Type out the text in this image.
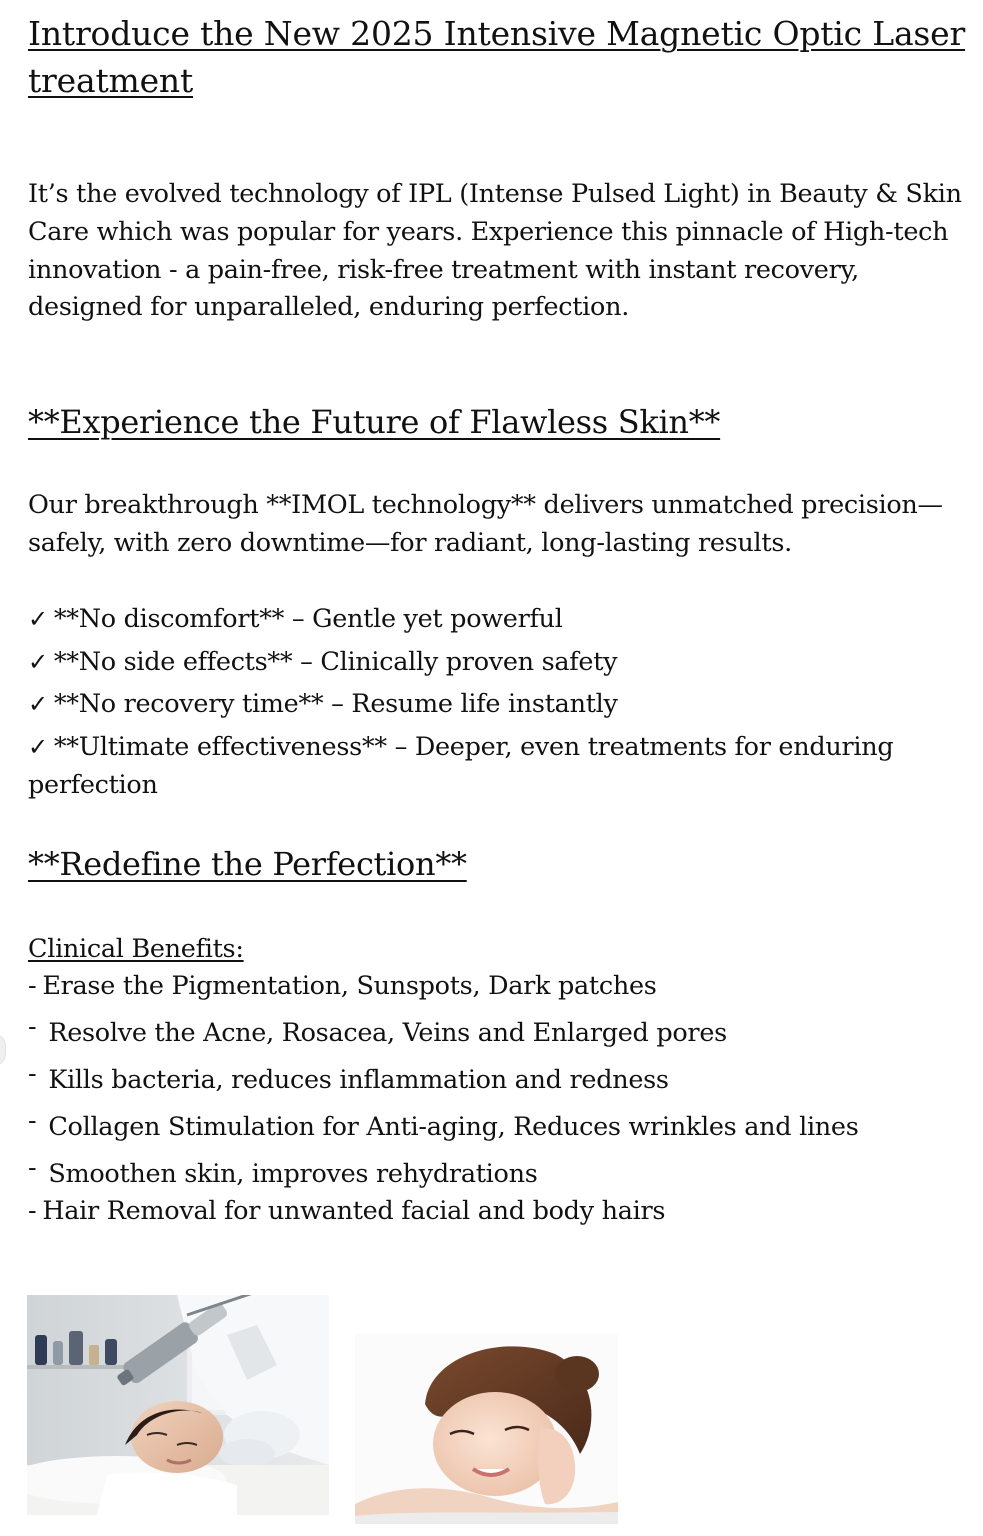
Introduce the New 2025 Intensive Magnetic Optic Laser treatment

It’s the evolved technology of IPL (Intense Pulsed Light) in Beauty & Skin Care which was popular for years. Experience this pinnacle of High-tech innovation - a pain-free, risk-free treatment with instant recovery, designed for unparalleled, enduring perfection.

**Experience the Future of Flawless Skin**

Our breakthrough **IMOL technology** delivers unmatched precision—safely, with zero downtime—for radiant, long-lasting results.

✓ **No discomfort** – Gentle yet powerful
✓ **No side effects** – Clinically proven safety
✓ **No recovery time** – Resume life instantly
✓ **Ultimate effectiveness** – Deeper, even treatments for enduring perfection
**Redefine the Perfection**
Clinical Benefits:
- Erase the Pigmentation, Sunspots, Dark patches
- Resolve the Acne, Rosacea, Veins and Enlarged pores
- Kills bacteria, reduces inflammation and redness
- Collagen Stimulation for Anti-aging, Reduces wrinkles and lines
- Smoothen skin, improves rehydrations
- Hair Removal for unwanted facial and body hairs
